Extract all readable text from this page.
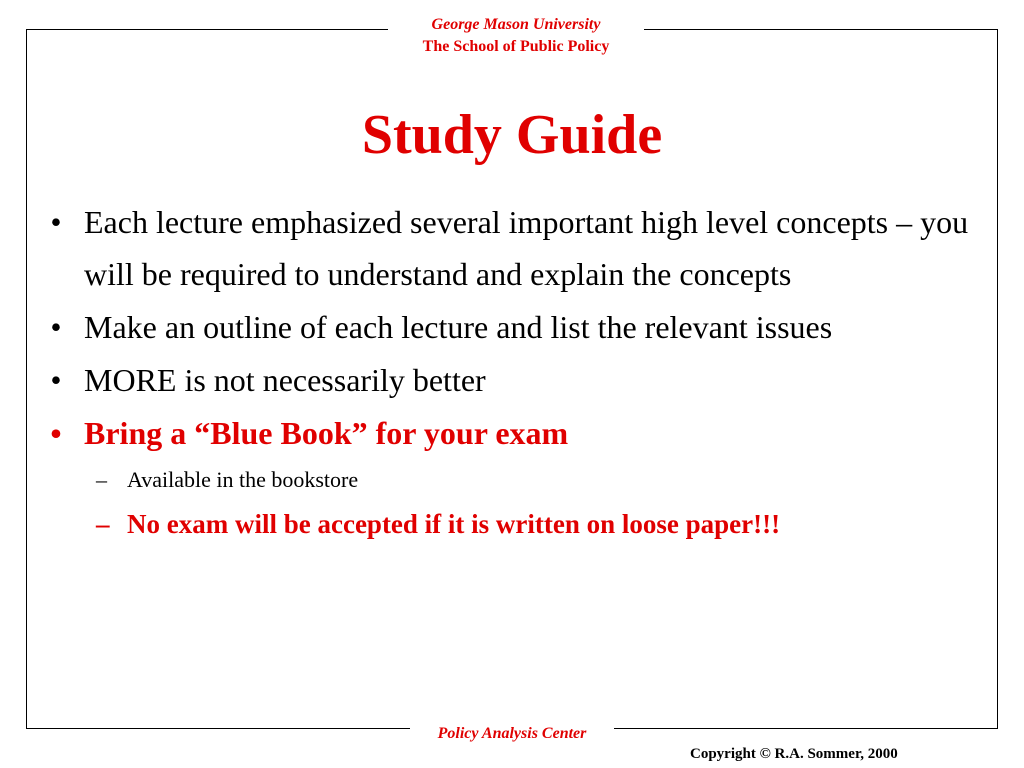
George Mason University
The School of Public Policy
Study Guide
• Each lecture emphasized several important high level concepts – you will be required to understand and explain the concepts
• Make an outline of each lecture and list the relevant issues
• MORE is not necessarily better
• Bring a “Blue Book” for your exam
– Available in the bookstore
– No exam will be accepted if it is written on loose paper!!!
Policy Analysis Center
Copyright © R.A. Sommer, 2000
